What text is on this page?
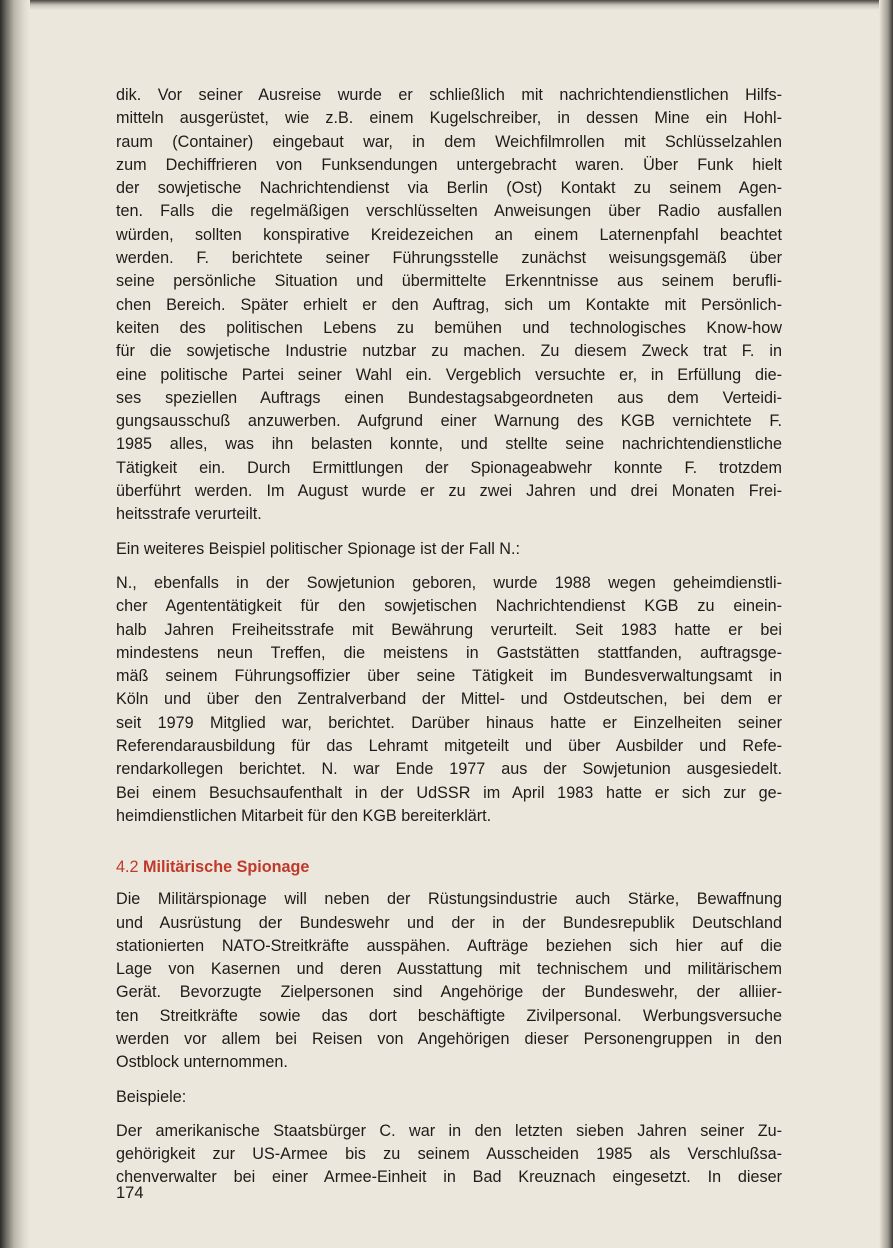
dik. Vor seiner Ausreise wurde er schließlich mit nachrichtendienstlichen Hilfs-
mitteln ausgerüstet, wie z.B. einem Kugelschreiber, in dessen Mine ein Hohl-
raum (Container) eingebaut war, in dem Weichfilmrollen mit Schlüsselzahlen
zum Dechiffrieren von Funksendungen untergebracht waren. Über Funk hielt
der sowjetische Nachrichtendienst via Berlin (Ost) Kontakt zu seinem Agen-
ten. Falls die regelmäßigen verschlüsselten Anweisungen über Radio ausfallen
würden, sollten konspirative Kreidezeichen an einem Laternenpfahl beachtet
werden. F. berichtete seiner Führungsstelle zunächst weisungsgemäß über
seine persönliche Situation und übermittelte Erkenntnisse aus seinem berufli-
chen Bereich. Später erhielt er den Auftrag, sich um Kontakte mit Persönlich-
keiten des politischen Lebens zu bemühen und technologisches Know-how
für die sowjetische Industrie nutzbar zu machen. Zu diesem Zweck trat F. in
eine politische Partei seiner Wahl ein. Vergeblich versuchte er, in Erfüllung die-
ses speziellen Auftrags einen Bundestagsabgeordneten aus dem Verteidi-
gungsausschuß anzuwerben. Aufgrund einer Warnung des KGB vernichtete F.
1985 alles, was ihn belasten konnte, und stellte seine nachrichtendienstliche
Tätigkeit ein. Durch Ermittlungen der Spionageabwehr konnte F. trotzdem
überführt werden. Im August wurde er zu zwei Jahren und drei Monaten Frei-
heitsstrafe verurteilt.

Ein weiteres Beispiel politischer Spionage ist der Fall N.:

N., ebenfalls in der Sowjetunion geboren, wurde 1988 wegen geheimdienstli-
cher Agententätigkeit für den sowjetischen Nachrichtendienst KGB zu einein-
halb Jahren Freiheitsstrafe mit Bewährung verurteilt. Seit 1983 hatte er bei
mindestens neun Treffen, die meistens in Gaststätten stattfanden, auftragsge-
mäß seinem Führungsoffizier über seine Tätigkeit im Bundesverwaltungsamt in
Köln und über den Zentralverband der Mittel- und Ostdeutschen, bei dem er
seit 1979 Mitglied war, berichtet. Darüber hinaus hatte er Einzelheiten seiner
Referendarausbildung für das Lehramt mitgeteilt und über Ausbilder und Refe-
rendarkollegen berichtet. N. war Ende 1977 aus der Sowjetunion ausgesiedelt.
Bei einem Besuchsaufenthalt in der UdSSR im April 1983 hatte er sich zur ge-
heimdienstlichen Mitarbeit für den KGB bereiterklärt.

4.2 Militärische Spionage

Die Militärspionage will neben der Rüstungsindustrie auch Stärke, Bewaffnung
und Ausrüstung der Bundeswehr und der in der Bundesrepublik Deutschland
stationierten NATO-Streitkräfte ausspähen. Aufträge beziehen sich hier auf die
Lage von Kasernen und deren Ausstattung mit technischem und militärischem
Gerät. Bevorzugte Zielpersonen sind Angehörige der Bundeswehr, der alliier-
ten Streitkräfte sowie das dort beschäftigte Zivilpersonal. Werbungsversuche
werden vor allem bei Reisen von Angehörigen dieser Personengruppen in den
Ostblock unternommen.

Beispiele:

Der amerikanische Staatsbürger C. war in den letzten sieben Jahren seiner Zu-
gehörigkeit zur US-Armee bis zu seinem Ausscheiden 1985 als Verschlußsa-
chenverwalter bei einer Armee-Einheit in Bad Kreuznach eingesetzt. In dieser

174
